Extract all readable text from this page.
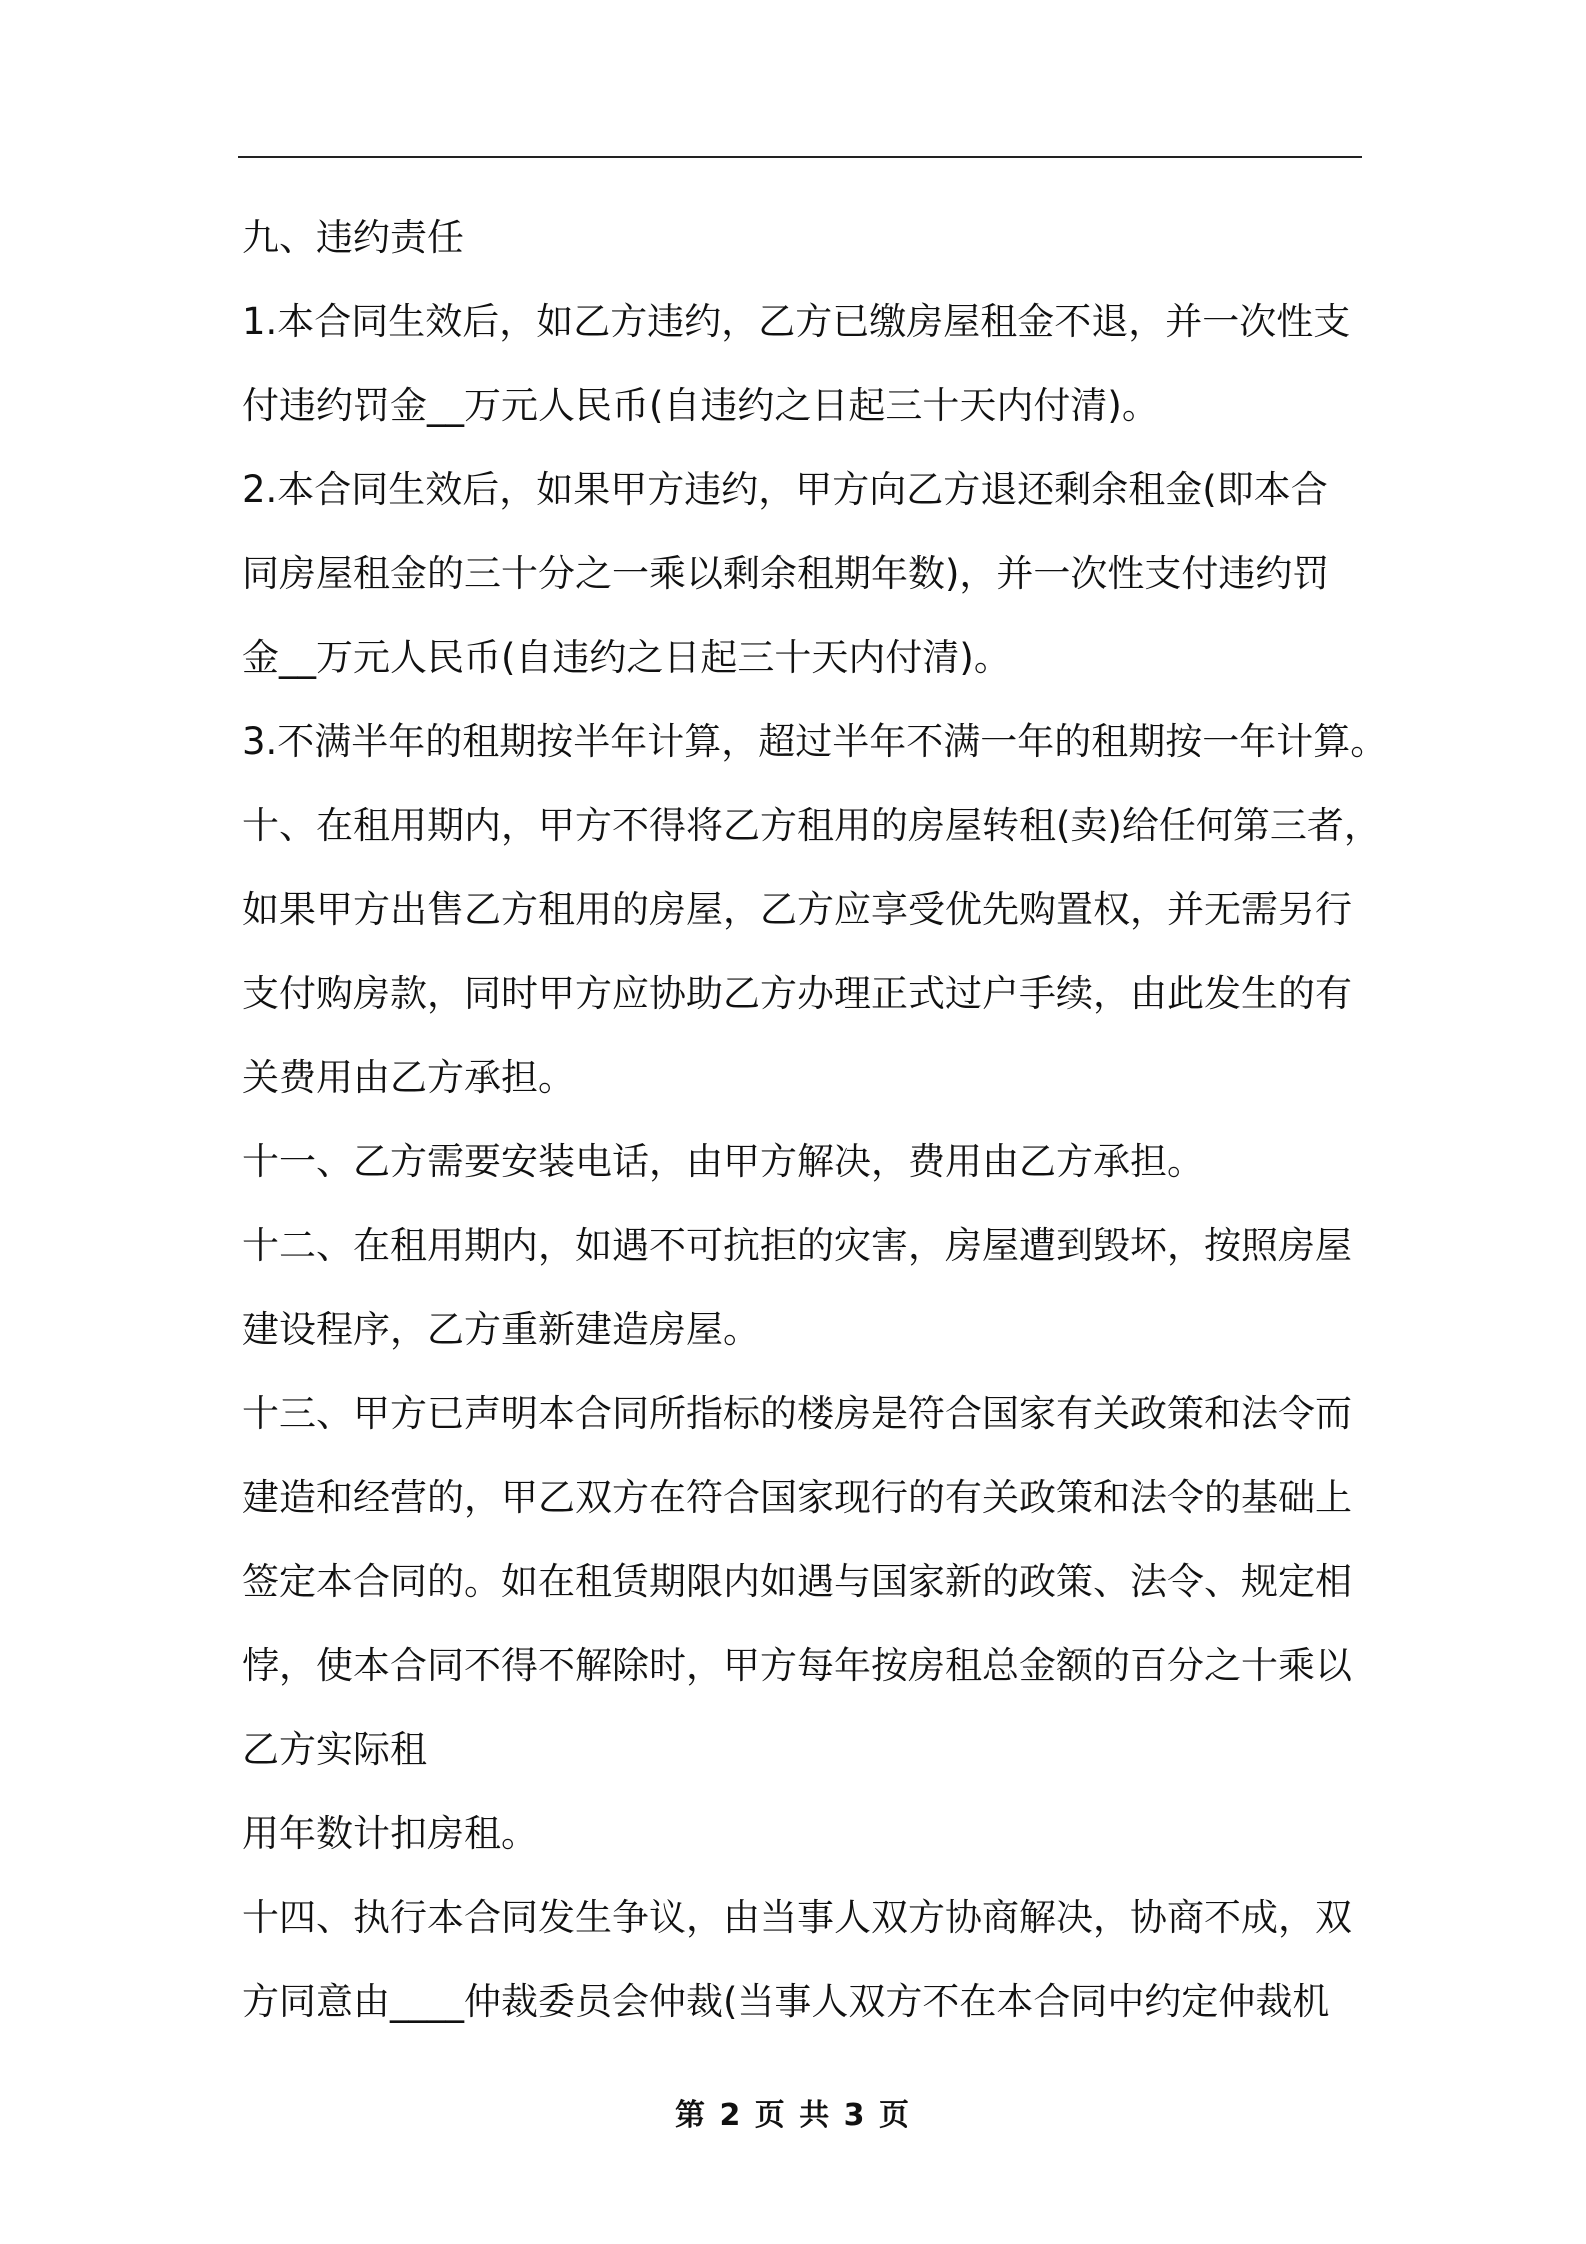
九、违约责任
1.本合同生效后，如乙方违约，乙方已缴房屋租金不退，并一次性支
付违约罚金__万元人民币(自违约之日起三十天内付清)。
2.本合同生效后，如果甲方违约，甲方向乙方退还剩余租金(即本合
同房屋租金的三十分之一乘以剩余租期年数)，并一次性支付违约罚
金__万元人民币(自违约之日起三十天内付清)。
3.不满半年的租期按半年计算，超过半年不满一年的租期按一年计算。
十、在租用期内，甲方不得将乙方租用的房屋转租(卖)给任何第三者，
如果甲方出售乙方租用的房屋，乙方应享受优先购置权，并无需另行
支付购房款，同时甲方应协助乙方办理正式过户手续，由此发生的有
关费用由乙方承担。
十一、乙方需要安装电话，由甲方解决，费用由乙方承担。
十二、在租用期内，如遇不可抗拒的灾害，房屋遭到毁坏，按照房屋
建设程序，乙方重新建造房屋。
十三、甲方已声明本合同所指标的楼房是符合国家有关政策和法令而
建造和经营的，甲乙双方在符合国家现行的有关政策和法令的基础上
签定本合同的。如在租赁期限内如遇与国家新的政策、法令、规定相
悖，使本合同不得不解除时，甲方每年按房租总金额的百分之十乘以
乙方实际租
用年数计扣房租。
十四、执行本合同发生争议，由当事人双方协商解决，协商不成，双
方同意由____仲裁委员会仲裁(当事人双方不在本合同中约定仲裁机
第 2 页 共 3 页
